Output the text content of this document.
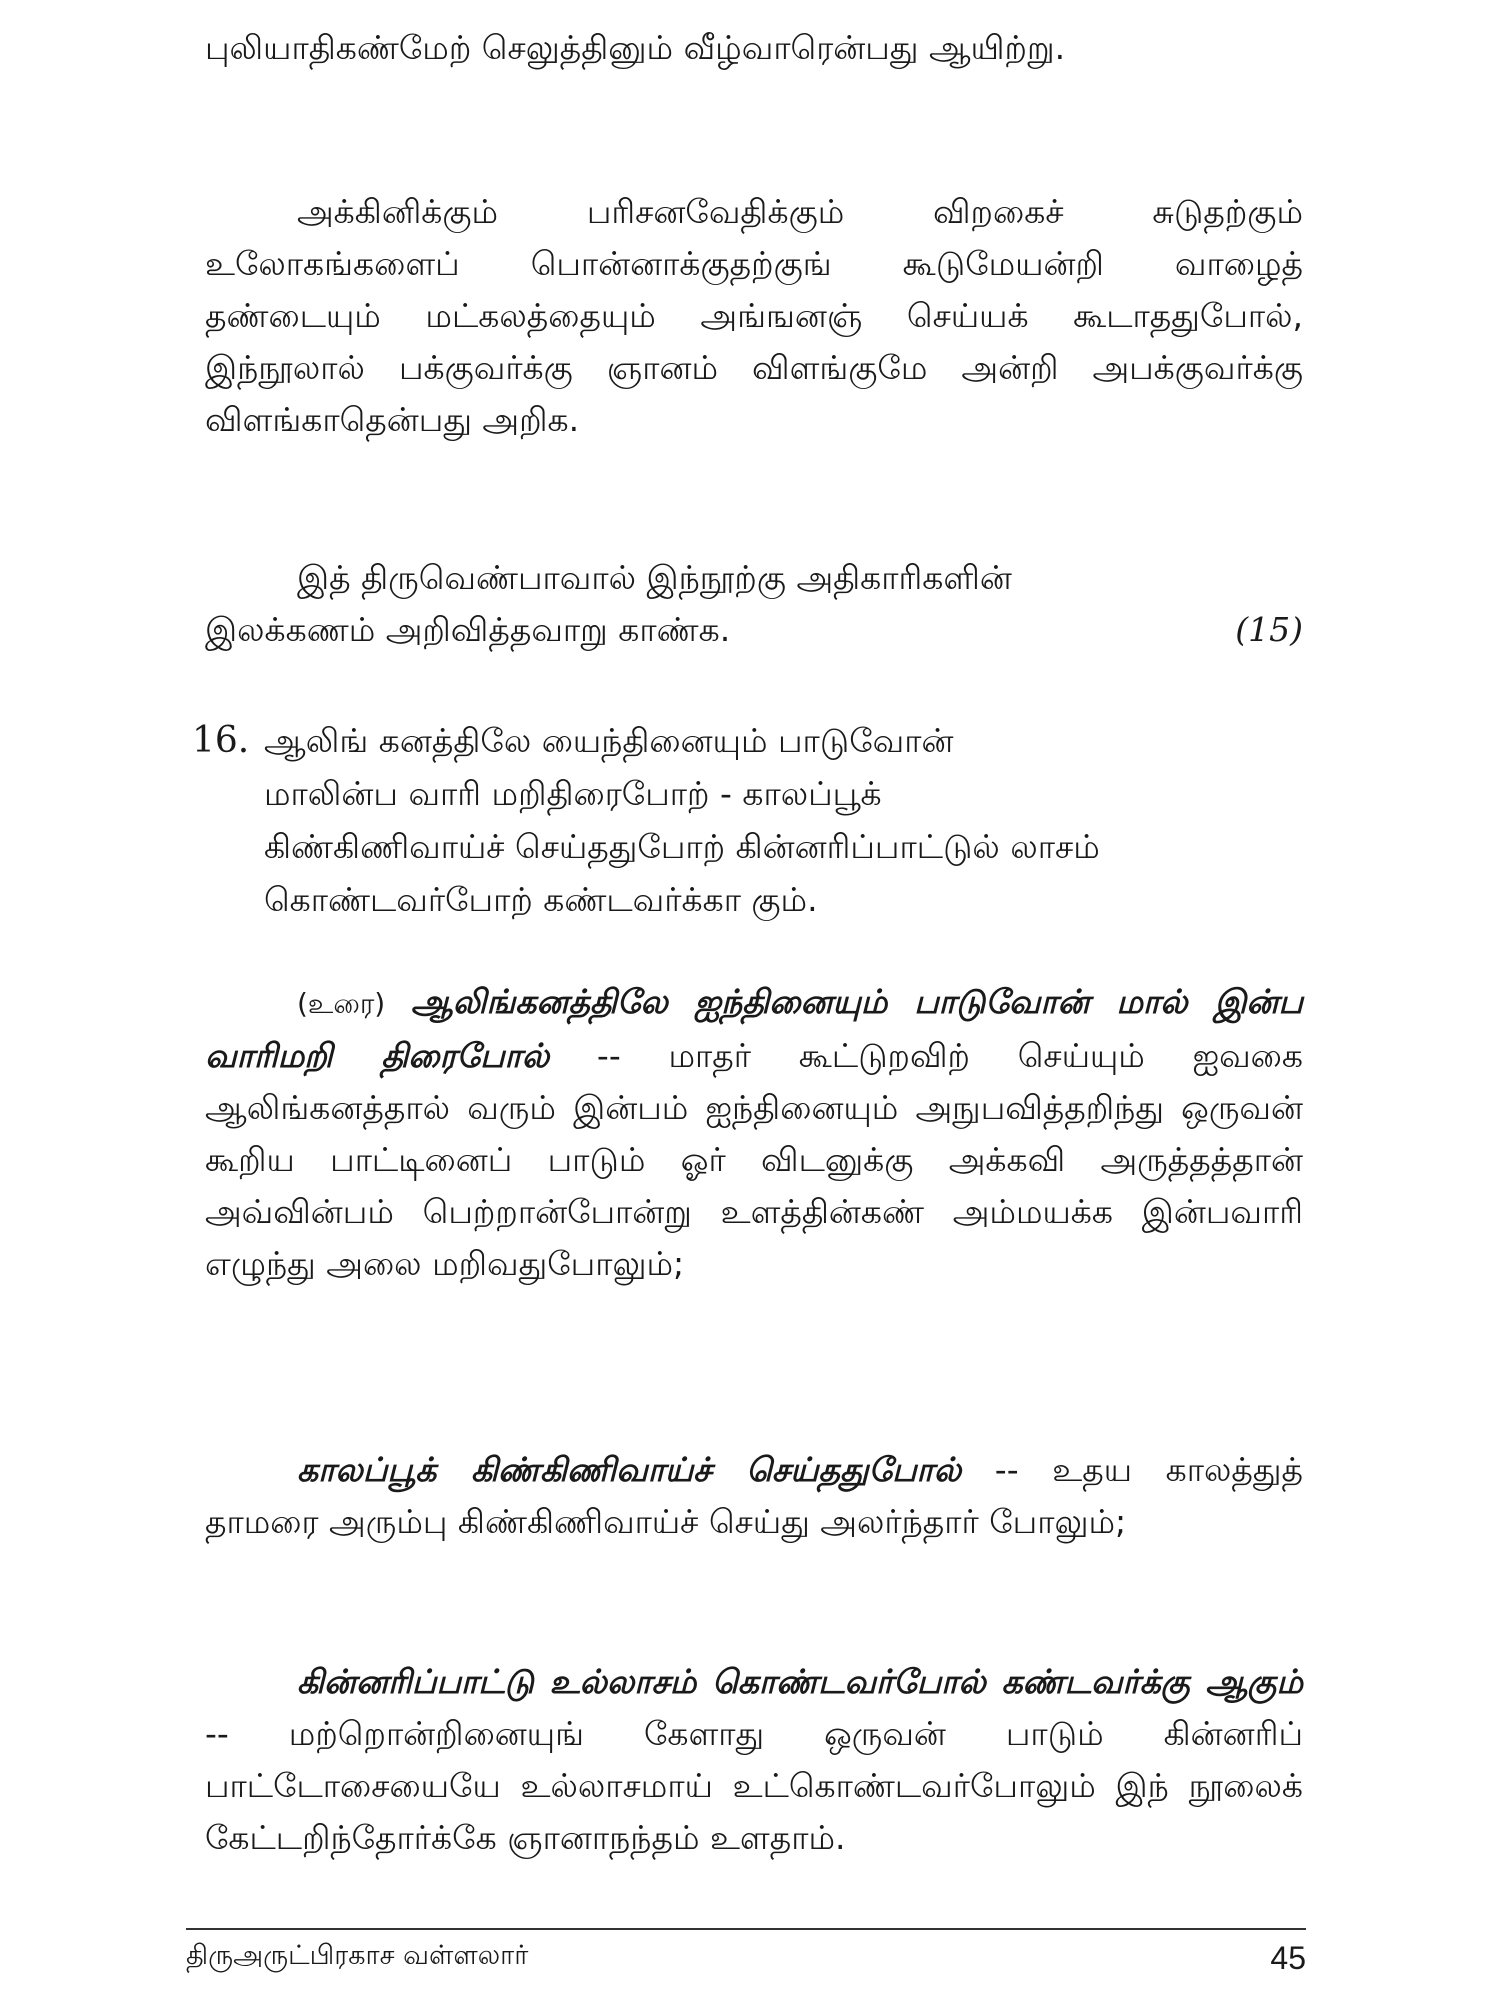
புலியாதிகண்மேற் செலுத்தினும் வீழ்வாரென்பது ஆயிற்று.

அக்கினிக்கும் பரிசனவேதிக்கும் விறகைச் சுடுதற்கும் உலோகங்களைப் பொன்னாக்குதற்குங் கூடுமேயன்றி வாழைத் தண்டையும் மட்கலத்தையும் அங்ஙனஞ் செய்யக் கூடாததுபோல், இந்நூலால் பக்குவர்க்கு ஞானம் விளங்குமே அன்றி அபக்குவர்க்கு விளங்காதென்பது அறிக.

இத் திருவெண்பாவால் இந்நூற்கு அதிகாரிகளின்

இலக்கணம் அறிவித்தவாறு காண்க.	(15)
16. ஆலிங் கனத்திலே யைந்தினையும் பாடுவோன்
மாலின்ப வாரி மறிதிரைபோற் - காலப்பூக்
கிண்கிணிவாய்ச் செய்ததுபோற் கின்னரிப்பாட்டுல் லாசம்
கொண்டவர்போற் கண்டவர்க்கா கும்.

(உரை) ஆலிங்கனத்திலே ஐந்தினையும் பாடுவோன் மால் இன்ப வாரிமறி திரைபோல் -- மாதர் கூட்டுறவிற் செய்யும் ஐவகை ஆலிங்கனத்தால் வரும் இன்பம் ஐந்தினையும் அநுபவித்தறிந்து ஒருவன் கூறிய பாட்டினைப் பாடும் ஓர் விடனுக்கு அக்கவி அருத்தத்தான் அவ்வின்பம் பெற்றான்போன்று உளத்தின்கண் அம்மயக்க இன்பவாரி எழுந்து அலை மறிவதுபோலும்;

காலப்பூக் கிண்கிணிவாய்ச் செய்ததுபோல் -- உதய காலத்துத் தாமரை அரும்பு கிண்கிணிவாய்ச் செய்து அலர்ந்தார் போலும்;

கின்னரிப்பாட்டு உல்லாசம் கொண்டவர்போல் கண்டவர்க்கு ஆகும் -- மற்றொன்றினையுங் கேளாது ஒருவன் பாடும் கின்னரிப் பாட்டோசையையே உல்லாசமாய் உட்கொண்டவர்போலும் இந் நூலைக் கேட்டறிந்தோர்க்கே ஞானாநந்தம் உளதாம்.

திருஅருட்பிரகாச வள்ளலார்	45
